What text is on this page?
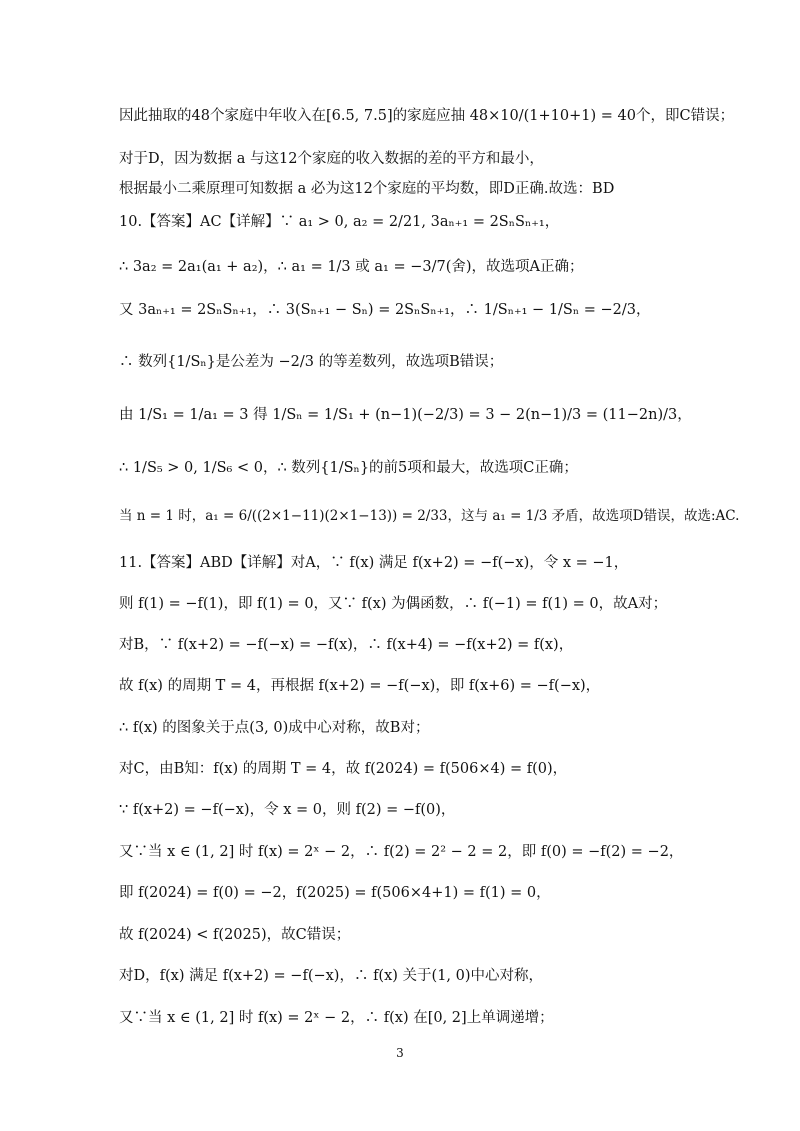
因此抽取的48个家庭中年收入在[6.5, 7.5]的家庭应抽 48×10/(1+10+1) = 40个，即C错误；
对于D，因为数据 a 与这12个家庭的收入数据的差的平方和最小，
根据最小二乘原理可知数据 a 必为这12个家庭的平均数，即D正确.故选：BD
10.【答案】AC【详解】∵ a₁ > 0, a₂ = 2/21, 3aₙ₊₁ = 2SₙSₙ₊₁，
∴ 3a₂ = 2a₁(a₁ + a₂)，∴ a₁ = 1/3 或 a₁ = −3/7(舍)，故选项A正确；
又 3aₙ₊₁ = 2SₙSₙ₊₁，∴ 3(Sₙ₊₁ − Sₙ) = 2SₙSₙ₊₁，∴ 1/Sₙ₊₁ − 1/Sₙ = −2/3，
∴ 数列{1/Sₙ}是公差为 −2/3 的等差数列，故选项B错误；
由 1/S₁ = 1/a₁ = 3 得 1/Sₙ = 1/S₁ + (n−1)(−2/3) = 3 − 2(n−1)/3 = (11−2n)/3，
∴ 1/S₅ > 0, 1/S₆ < 0，∴ 数列{1/Sₙ}的前5项和最大，故选项C正确；
当 n = 1 时，a₁ = 6/((2×1−11)(2×1−13)) = 2/33，这与 a₁ = 1/3 矛盾，故选项D错误，故选:AC.
11.【答案】ABD【详解】对A，∵ f(x) 满足 f(x+2) = −f(−x)，令 x = −1，
则 f(1) = −f(1)，即 f(1) = 0，又∵ f(x) 为偶函数，∴ f(−1) = f(1) = 0，故A对；
对B，∵ f(x+2) = −f(−x) = −f(x)，∴ f(x+4) = −f(x+2) = f(x)，
故 f(x) 的周期 T = 4，再根据 f(x+2) = −f(−x)，即 f(x+6) = −f(−x)，
∴ f(x) 的图象关于点(3, 0)成中心对称，故B对；
对C，由B知：f(x) 的周期 T = 4，故 f(2024) = f(506×4) = f(0)，
∵ f(x+2) = −f(−x)，令 x = 0，则 f(2) = −f(0)，
又∵当 x ∈ (1, 2] 时 f(x) = 2ˣ − 2，∴ f(2) = 2² − 2 = 2，即 f(0) = −f(2) = −2，
即 f(2024) = f(0) = −2，f(2025) = f(506×4+1) = f(1) = 0，
故 f(2024) < f(2025)，故C错误；
对D，f(x) 满足 f(x+2) = −f(−x)，∴ f(x) 关于(1, 0)中心对称，
又∵当 x ∈ (1, 2] 时 f(x) = 2ˣ − 2，∴ f(x) 在[0, 2]上单调递增；
3
